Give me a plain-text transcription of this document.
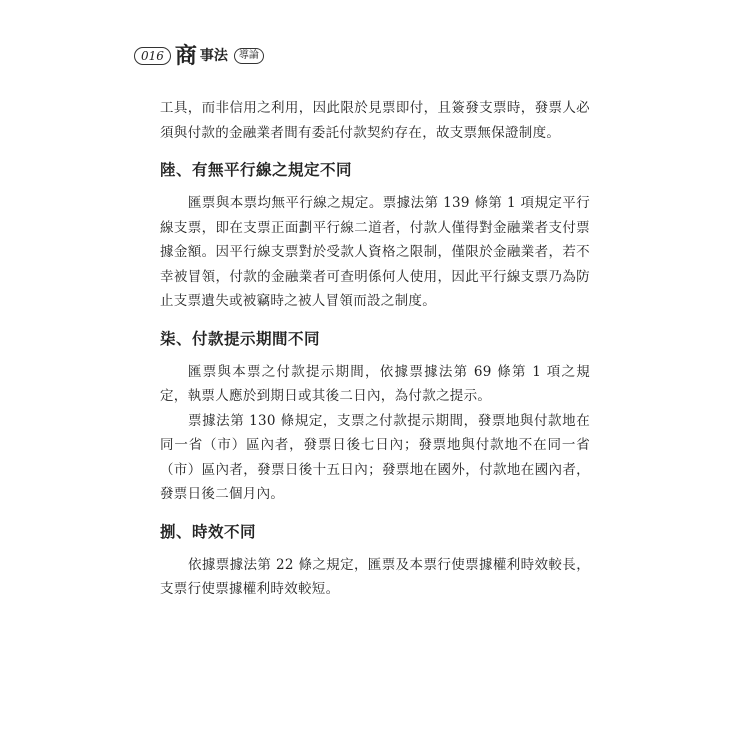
016 商 事法	導論

工具，而非信用之利用，因此限於見票即付，且簽發支票時，發票人必須與付款的金融業者間有委託付款契約存在，故支票無保證制度。

陸、有無平行線之規定不同

匯票與本票均無平行線之規定。票據法第 139 條第 1 項規定平行線支票，即在支票正面劃平行線二道者，付款人僅得對金融業者支付票據金額。因平行線支票對於受款人資格之限制，僅限於金融業者，若不幸被冒領，付款的金融業者可查明係何人使用，因此平行線支票乃為防止支票遺失或被竊時之被人冒領而設之制度。

柒、付款提示期間不同

匯票與本票之付款提示期間，依據票據法第 69 條第 1 項之規定，執票人應於到期日或其後二日內，為付款之提示。

票據法第 130 條規定，支票之付款提示期間，發票地與付款地在同一省（市）區內者，發票日後七日內；發票地與付款地不在同一省（市）區內者，發票日後十五日內；發票地在國外，付款地在國內者，發票日後二個月內。

捌、時效不同

依據票據法第 22 條之規定，匯票及本票行使票據權利時效較長，支票行使票據權利時效較短。
